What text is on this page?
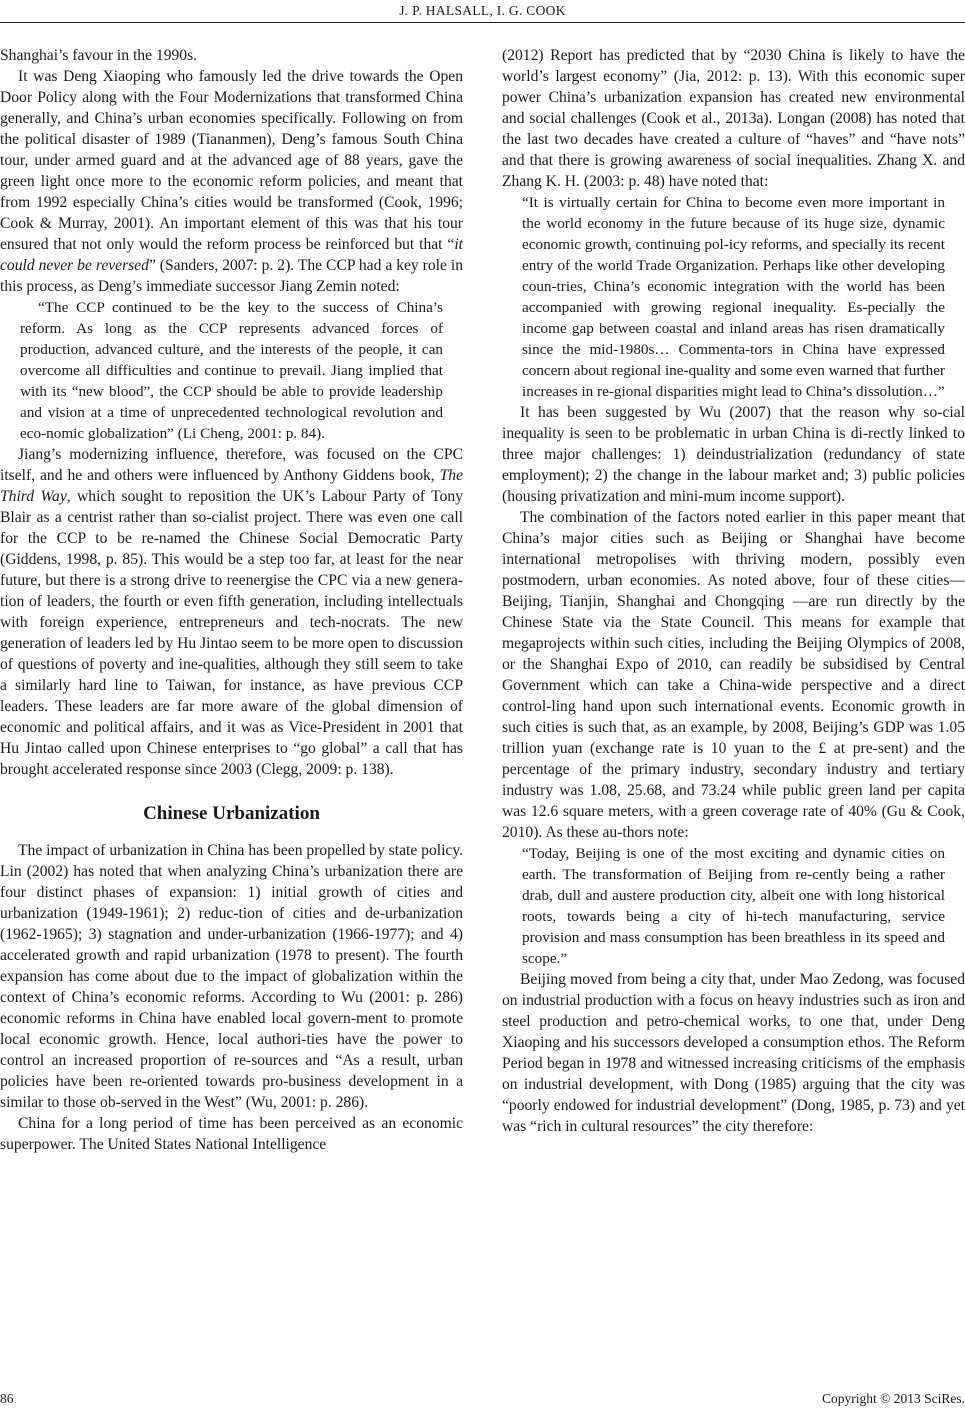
J. P. HALSALL, I. G. COOK

Shanghai’s favour in the 1990s.

It was Deng Xiaoping who famously led the drive towards the Open Door Policy along with the Four Modernizations that transformed China generally, and China’s urban economies specifically. Following on from the political disaster of 1989 (Tiananmen), Deng’s famous South China tour, under armed guard and at the advanced age of 88 years, gave the green light once more to the economic reform policies, and meant that from 1992 especially China’s cities would be transformed (Cook, 1996; Cook & Murray, 2001). An important element of this was that his tour ensured that not only would the reform process be reinforced but that “it could never be reversed” (Sanders, 2007: p. 2). The CCP had a key role in this process, as Deng’s immediate successor Jiang Zemin noted:

“The CCP continued to be the key to the success of China’s reform. As long as the CCP represents advanced forces of production, advanced culture, and the interests of the people, it can overcome all difficulties and continue to prevail. Jiang implied that with its “new blood”, the CCP should be able to provide leadership and vision at a time of unprecedented technological revolution and eco-nomic globalization” (Li Cheng, 2001: p. 84).

Jiang’s modernizing influence, therefore, was focused on the CPC itself, and he and others were influenced by Anthony Giddens book, The Third Way, which sought to reposition the UK’s Labour Party of Tony Blair as a centrist rather than so-cialist project. There was even one call for the CCP to be re-named the Chinese Social Democratic Party (Giddens, 1998, p. 85). This would be a step too far, at least for the near future, but there is a strong drive to reenergise the CPC via a new genera-tion of leaders, the fourth or even fifth generation, including intellectuals with foreign experience, entrepreneurs and tech-nocrats. The new generation of leaders led by Hu Jintao seem to be more open to discussion of questions of poverty and ine-qualities, although they still seem to take a similarly hard line to Taiwan, for instance, as have previous CCP leaders. These leaders are far more aware of the global dimension of economic and political affairs, and it was as Vice-President in 2001 that Hu Jintao called upon Chinese enterprises to “go global” a call that has brought accelerated response since 2003 (Clegg, 2009: p. 138).

Chinese Urbanization

The impact of urbanization in China has been propelled by state policy. Lin (2002) has noted that when analyzing China’s urbanization there are four distinct phases of expansion: 1) initial growth of cities and urbanization (1949-1961); 2) reduc-tion of cities and de-urbanization (1962-1965); 3) stagnation and under-urbanization (1966-1977); and 4) accelerated growth and rapid urbanization (1978 to present). The fourth expansion has come about due to the impact of globalization within the context of China’s economic reforms. According to Wu (2001: p. 286) economic reforms in China have enabled local govern-ment to promote local economic growth. Hence, local authori-ties have the power to control an increased proportion of re-sources and “As a result, urban policies have been re-oriented towards pro-business development in a similar to those ob-served in the West” (Wu, 2001: p. 286).

China for a long period of time has been perceived as an economic superpower. The United States National Intelligence

(2012) Report has predicted that by “2030 China is likely to have the world’s largest economy” (Jia, 2012: p. 13). With this economic super power China’s urbanization expansion has created new environmental and social challenges (Cook et al., 2013a). Longan (2008) has noted that the last two decades have created a culture of “haves” and “have nots” and that there is growing awareness of social inequalities. Zhang X. and Zhang K. H. (2003: p. 48) have noted that:

“It is virtually certain for China to become even more important in the world economy in the future because of its huge size, dynamic economic growth, continuing pol-icy reforms, and specially its recent entry of the world Trade Organization. Perhaps like other developing coun-tries, China’s economic integration with the world has been accompanied with growing regional inequality. Es-pecially the income gap between coastal and inland areas has risen dramatically since the mid-1980s… Commenta-tors in China have expressed concern about regional ine-quality and some even warned that further increases in re-gional disparities might lead to China’s dissolution…”

It has been suggested by Wu (2007) that the reason why so-cial inequality is seen to be problematic in urban China is di-rectly linked to three major challenges: 1) deindustrialization (redundancy of state employment); 2) the change in the labour market and; 3) public policies (housing privatization and mini-mum income support).

The combination of the factors noted earlier in this paper meant that China’s major cities such as Beijing or Shanghai have become international metropolises with thriving modern, possibly even postmodern, urban economies. As noted above, four of these cities—Beijing, Tianjin, Shanghai and Chongqing —are run directly by the Chinese State via the State Council. This means for example that megaprojects within such cities, including the Beijing Olympics of 2008, or the Shanghai Expo of 2010, can readily be subsidised by Central Government which can take a China-wide perspective and a direct control-ling hand upon such international events. Economic growth in such cities is such that, as an example, by 2008, Beijing’s GDP was 1.05 trillion yuan (exchange rate is 10 yuan to the £ at pre-sent) and the percentage of the primary industry, secondary industry and tertiary industry was 1.08, 25.68, and 73.24 while public green land per capita was 12.6 square meters, with a green coverage rate of 40% (Gu & Cook, 2010). As these au-thors note:

“Today, Beijing is one of the most exciting and dynamic cities on earth. The transformation of Beijing from re-cently being a rather drab, dull and austere production city, albeit one with long historical roots, towards being a city of hi-tech manufacturing, service provision and mass consumption has been breathless in its speed and scope.”

Beijing moved from being a city that, under Mao Zedong, was focused on industrial production with a focus on heavy industries such as iron and steel production and petro-chemical works, to one that, under Deng Xiaoping and his successors developed a consumption ethos. The Reform Period began in 1978 and witnessed increasing criticisms of the emphasis on industrial development, with Dong (1985) arguing that the city was “poorly endowed for industrial development” (Dong, 1985, p. 73) and yet was “rich in cultural resources” the city therefore:

86	Copyright © 2013 SciRes.
